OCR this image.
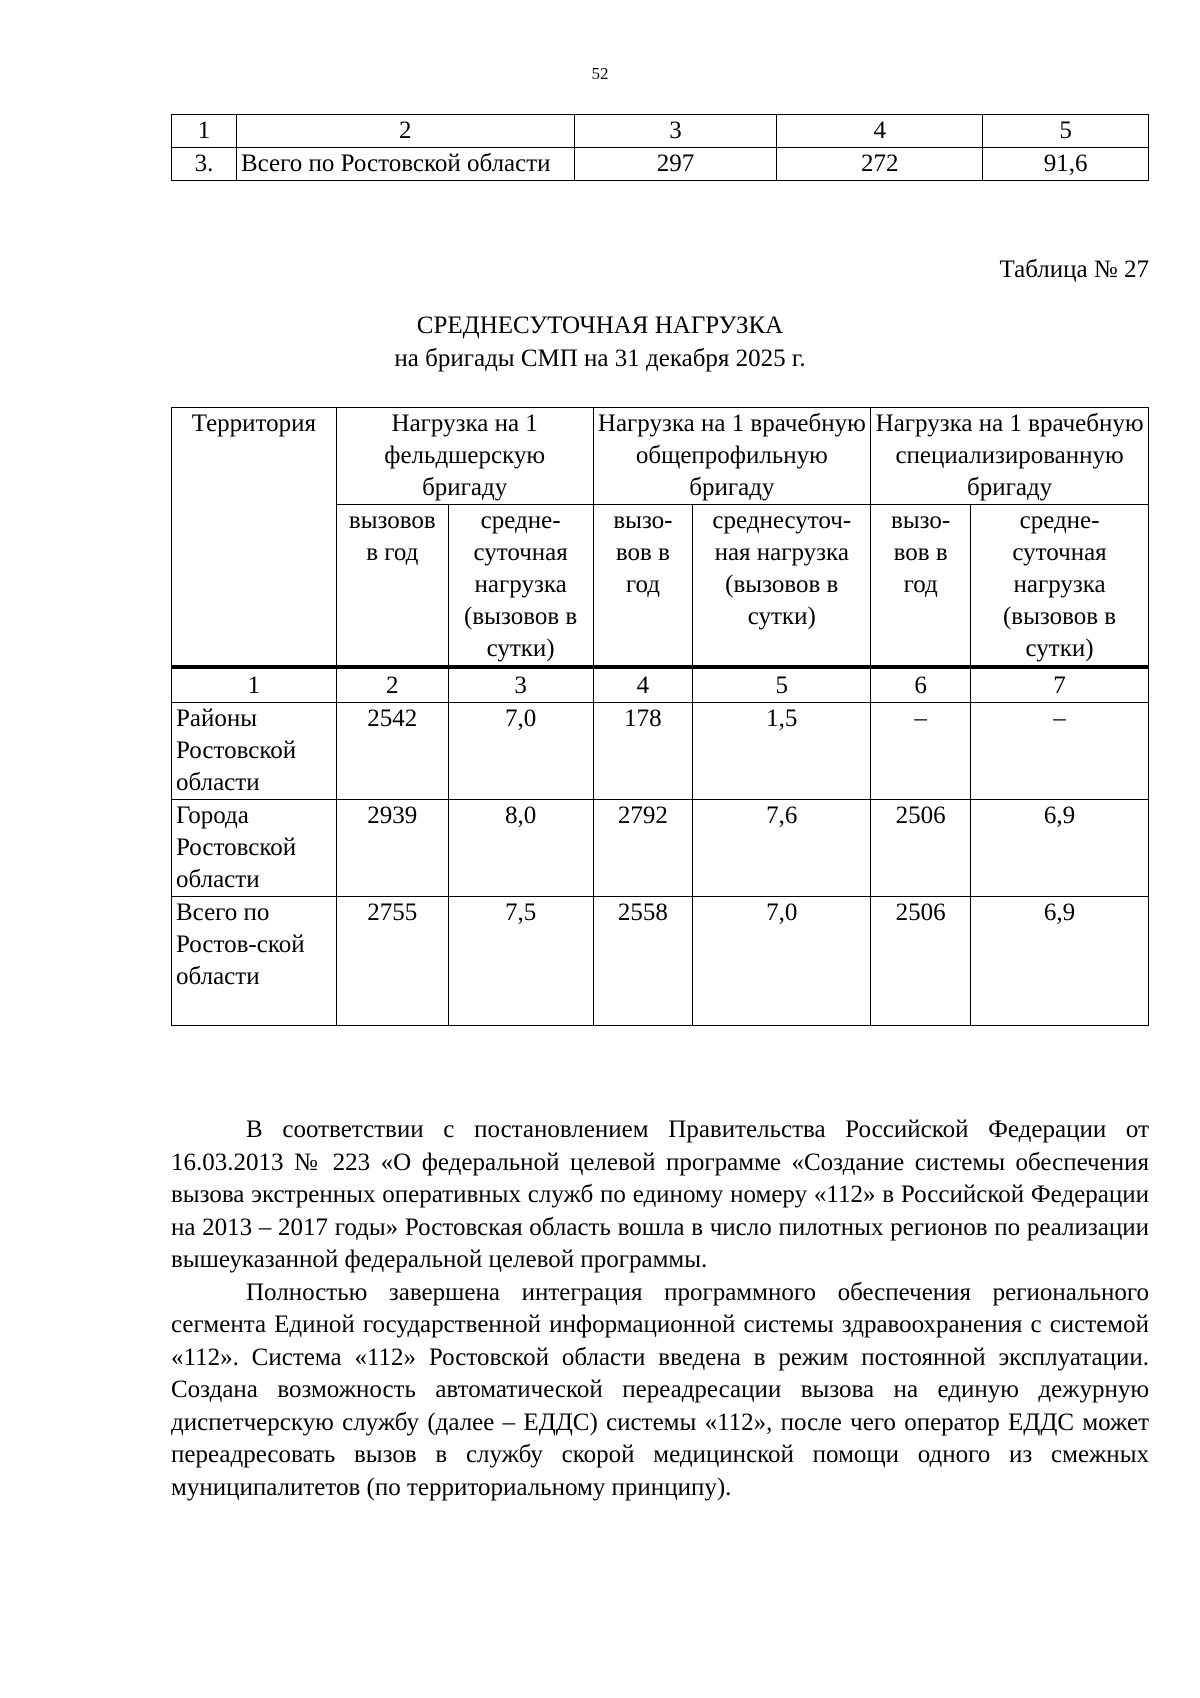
52
1	2	3	4	5
3.	Всего по Ростовской области	297	272	91,6
Таблица № 27
СРЕДНЕСУТОЧНАЯ НАГРУЗКА
на бригады СМП на 31 декабря 2025 г.
Территория	Нагрузка на 1 фельдшерскую бригаду		Нагрузка на 1 врачебную общепрофильную бригаду		Нагрузка на 1 врачебную специализированную бригаду	
	вызовов в год	средне-суточная нагрузка (вызовов в сутки)	вызо-вов в год	среднесуточ-ная нагрузка (вызовов в сутки)	вызо-вов в год	средне-суточная нагрузка (вызовов в сутки)
1	2	3	4	5	6	7
Районы Ростовской области	2542	7,0	178	1,5	–	–
Города Ростовской области	2939	8,0	2792	7,6	2506	6,9
Всего по Ростов-ской области	2755	7,5	2558	7,0	2506	6,9

В соответствии с постановлением Правительства Российской Федерации от 16.03.2013 № 223 «О федеральной целевой программе «Создание системы обеспечения вызова экстренных оперативных служб по единому номеру «112» в Российской Федерации на 2013 – 2017 годы» Ростовская область вошла в число пилотных регионов по реализации вышеуказанной федеральной целевой программы.

Полностью завершена интеграция программного обеспечения регионального сегмента Единой государственной информационной системы здравоохранения с системой «112». Система «112» Ростовской области введена в режим постоянной эксплуатации. Создана возможность автоматической переадресации вызова на единую дежурную диспетчерскую службу (далее – ЕДДС) системы «112», после чего оператор ЕДДС может переадресовать вызов в службу скорой медицинской помощи одного из смежных муниципалитетов (по территориальному принципу).
